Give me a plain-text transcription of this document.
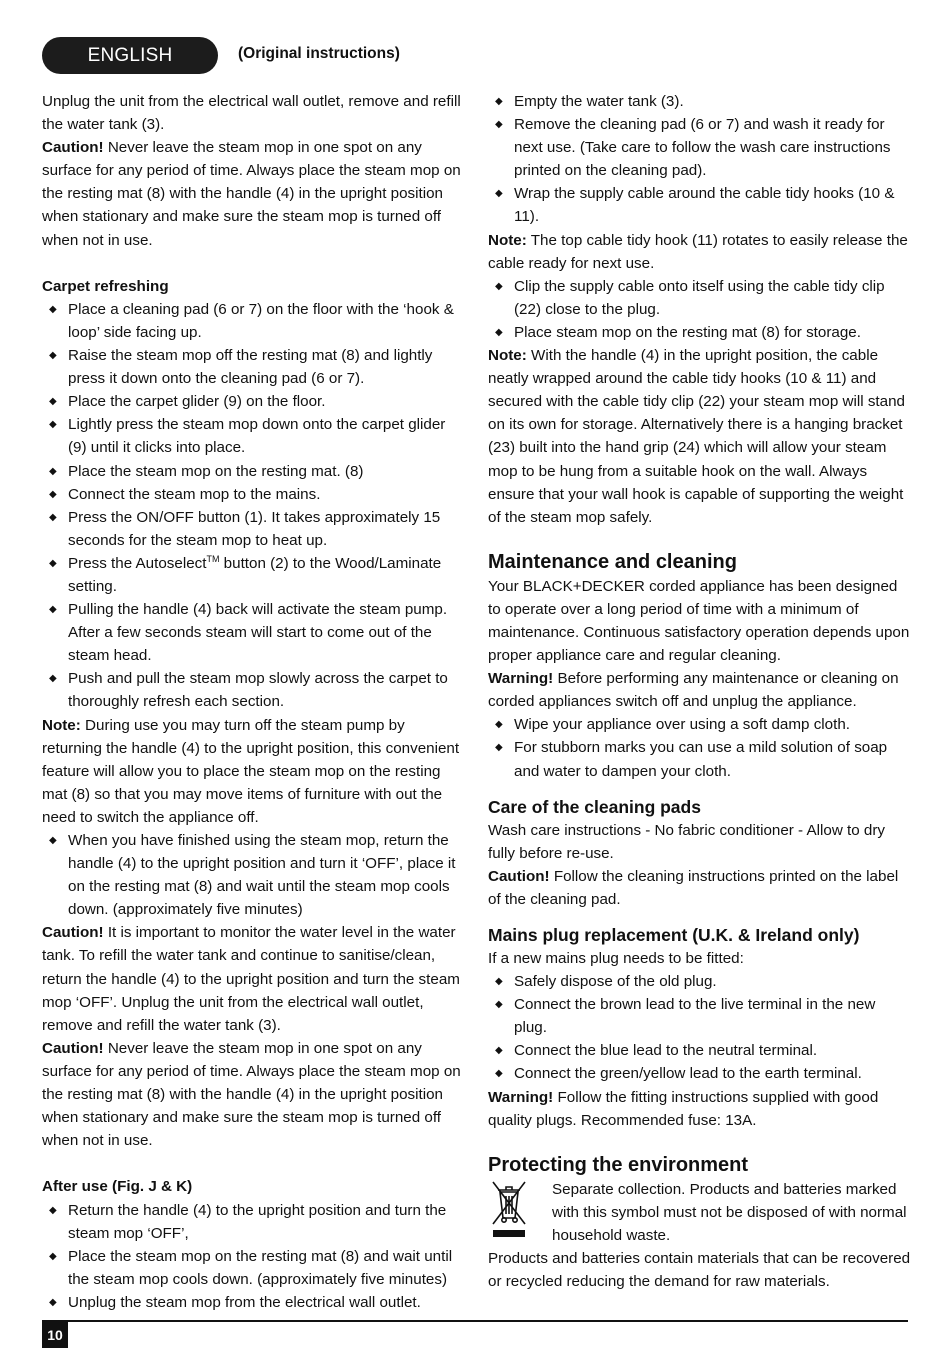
ENGLISH	(Original instructions)

Unplug the unit from the electrical wall outlet, remove and refill the water tank (3).

Caution! Never leave the steam mop in one spot on any surface for any period of time. Always place the steam mop on the resting mat (8) with the handle (4) in the upright position when stationary and make sure the steam mop is turned off when not in use.

Carpet refreshing

◆ Place a cleaning pad (6 or 7) on the floor with the ‘hook & loop’ side facing up.
◆ Raise the steam mop off the resting mat (8) and lightly press it down onto the cleaning pad (6 or 7).
◆ Place the carpet glider (9) on the floor.
◆ Lightly press the steam mop down onto the carpet glider (9) until it clicks into place.
◆ Place the steam mop on the resting mat. (8)
◆ Connect the steam mop to the mains.
◆ Press the ON/OFF button (1). It takes approximately 15 seconds for the steam mop to heat up.
◆ Press the Autoselect™ button (2) to the Wood/Laminate setting.
◆ Pulling the handle (4) back will activate the steam pump. After a few seconds steam will start to come out of the steam head.
◆ Push and pull the steam mop slowly across the carpet to thoroughly refresh each section.

Note: During use you may turn off the steam pump by returning the handle (4) to the upright position, this convenient feature will allow you to place the steam mop on the resting mat (8) so that you may move items of furniture with out the need to switch the appliance off.

◆ When you have finished using the steam mop, return the handle (4) to the upright position and turn it ‘OFF’, place it on the resting mat (8) and wait until the steam mop cools down. (approximately five minutes)

Caution! It is important to monitor the water level in the water tank. To refill the water tank and continue to sanitise/clean, return the handle (4) to the upright position and turn the steam mop ‘OFF’. Unplug the unit from the electrical wall outlet, remove and refill the water tank (3).

Caution! Never leave the steam mop in one spot on any surface for any period of time. Always place the steam mop on the resting mat (8) with the handle (4) in the upright position when stationary and make sure the steam mop is turned off when not in use.

After use (Fig. J & K)

◆ Return the handle (4) to the upright position and turn the steam mop ‘OFF’,
◆ Place the steam mop on the resting mat (8) and wait until the steam mop cools down. (approximately five minutes)
◆ Unplug the steam mop from the electrical wall outlet.
◆ Empty the water tank (3).
◆ Remove the cleaning pad (6 or 7) and wash it ready for next use. (Take care to follow the wash care instructions printed on the cleaning pad).
◆ Wrap the supply cable around the cable tidy hooks (10 & 11).

Note: The top cable tidy hook (11) rotates to easily release the cable ready for next use.

◆ Clip the supply cable onto itself using the cable tidy clip (22) close to the plug.
◆ Place steam mop on the resting mat (8) for storage.

Note: With the handle (4) in the upright position, the cable neatly wrapped around the cable tidy hooks (10 & 11) and secured with the cable tidy clip (22) your steam mop will stand on its own for storage. Alternatively there is a hanging bracket (23) built into the hand grip (24) which will allow your steam mop to be hung from a suitable hook on the wall. Always ensure that your wall hook is capable of supporting the weight of the steam mop safely.

Maintenance and cleaning

Your BLACK+DECKER corded appliance has been designed to operate over a long period of time with a minimum of maintenance. Continuous satisfactory operation depends upon proper appliance care and regular cleaning.

Warning! Before performing any maintenance or cleaning on corded appliances switch off and unplug the appliance.

◆ Wipe your appliance over using a soft damp cloth.
◆ For stubborn marks you can use a mild solution of soap and water to dampen your cloth.

Care of the cleaning pads

Wash care instructions - No fabric conditioner - Allow to dry fully before re-use.

Caution! Follow the cleaning instructions printed on the label of the cleaning pad.

Mains plug replacement (U.K. & Ireland only)

If a new mains plug needs to be fitted:

◆ Safely dispose of the old plug.
◆ Connect the brown lead to the live terminal in the new plug.
◆ Connect the blue lead to the neutral terminal.
◆ Connect the green/yellow lead to the earth terminal.

Warning! Follow the fitting instructions supplied with good quality plugs. Recommended fuse: 13A.

Protecting the environment

Separate collection. Products and batteries marked with this symbol must not be disposed of with normal household waste.

Products and batteries contain materials that can be recovered or recycled reducing the demand for raw materials.

10
